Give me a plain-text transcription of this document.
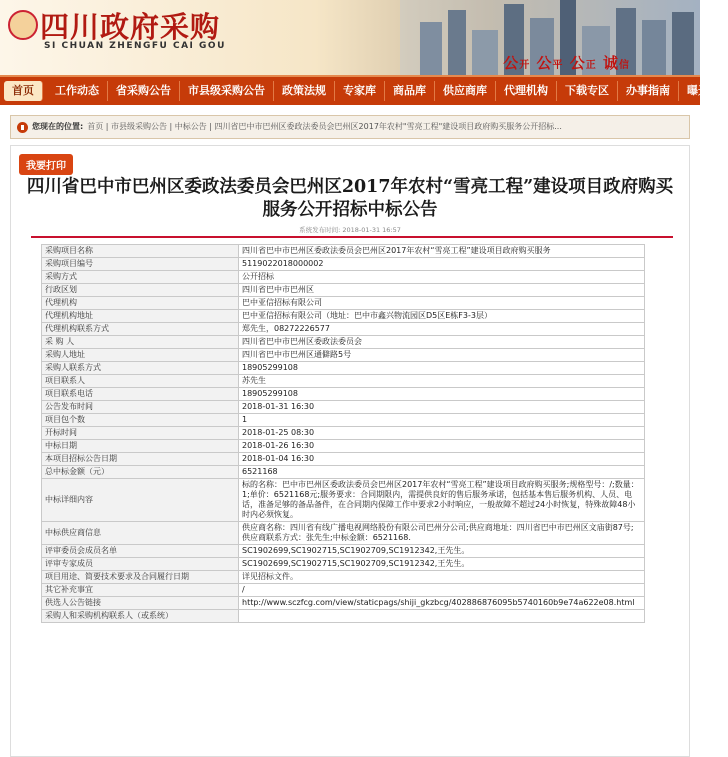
四川政府采购
SI CHUAN ZHENGFU CAI GOU
公开 公平 公正 诚信
首页	工作动态	省采购公告	市县级采购公告	政策法规	专家库	商品库	供应商库	代理机构	下载专区	办事指南	曝光台
您现在的位置: 首页 | 市县级采购公告 | 中标公告 | 四川省巴中市巴州区委政法委员会巴州区2017年农村"雪亮工程"建设项目政府购买服务公开招标...
我要打印
四川省巴中市巴州区委政法委员会巴州区2017年农村“雪亮工程”建设项目政府购买服务公开招标中标公告
系统发布时间: 2018-01-31 16:57
采购项目名称	四川省巴中市巴州区委政法委员会巴州区2017年农村“雪亮工程”建设项目政府购买服务
采购项目编号	5119022018000002
采购方式	公开招标
行政区划	四川省巴中市巴州区
代理机构	巴中亚信招标有限公司
代理机构地址	巴中亚信招标有限公司（地址：巴中市鑫兴物流园区D5区E栋F3-3层）
代理机构联系方式	郑先生，08272226577
采 购 人	四川省巴中市巴州区委政法委员会
采购人地址	四川省巴中市巴州区通僻路5号
采购人联系方式	18905299108
项目联系人	苏先生
项目联系电话	18905299108
公告发布时间	2018-01-31 16:30
项目包个数	1
开标时间	2018-01-25 08:30
中标日期	2018-01-26 16:30
本项目招标公告日期	2018-01-04 16:30
总中标金额（元）	6521168
中标详细内容	标的名称：巴中市巴州区委政法委员会巴州区2017年农村“雪亮工程”建设项目政府购买服务;规格型号：/;数量：1;单价：6521168元;服务要求：合同期限内，需提供良好的售后服务承诺，包括基本售后服务机构、人员、电话，准备足够的备品备件，在合同期内保障工作中要求2小时响应，一般故障不超过24小时恢复，特殊故障48小时内必须恢复。
中标供应商信息	供应商名称：四川省有线广播电视网络股份有限公司巴州分公司;供应商地址：四川省巴中市巴州区文庙街87号;供应商联系方式：张先生;中标金额：6521168.
评审委员会成员名单	SC1902699,SC1902715,SC1902709,SC1912342,王先生。
评审专家成员	SC1902699,SC1902715,SC1902709,SC1912342,王先生。
项目用途、简要技术要求及合同履行日期	详见招标文件。
其它补充事宜	/
供选人公告链接	http://www.sczfcg.com/view/staticpags/shiji_gkzbcg/402886876095b5740160b9e74a622e08.html
采购人和采购机构联系人（或系统）	
